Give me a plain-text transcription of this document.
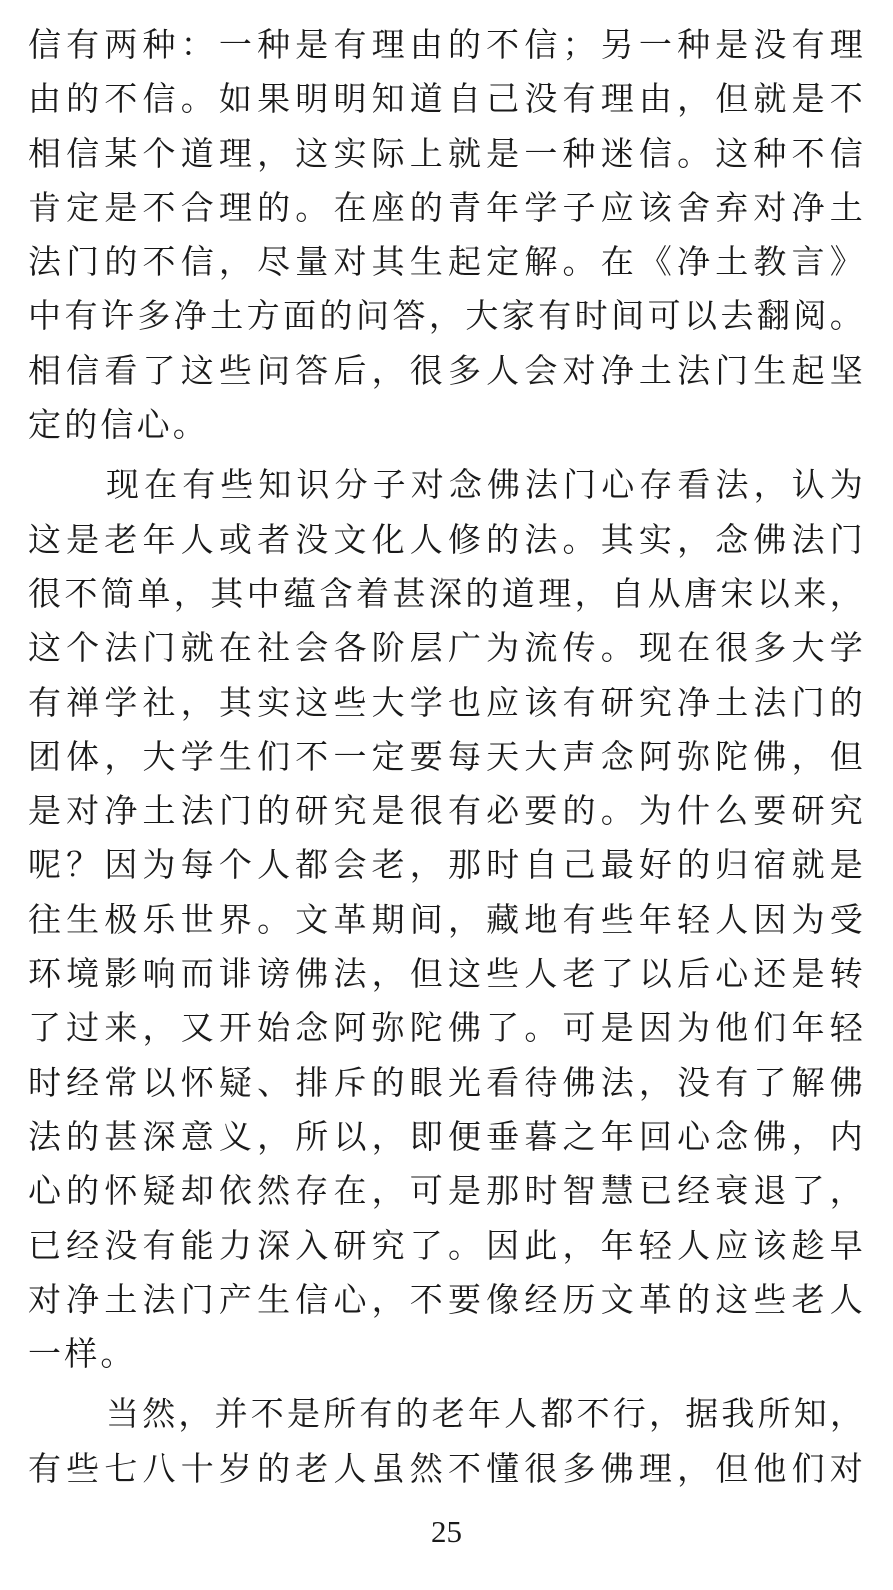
信有两种：一种是有理由的不信；另一种是没有理
由的不信。如果明明知道自己没有理由，但就是不
相信某个道理，这实际上就是一种迷信。这种不信
肯定是不合理的。在座的青年学子应该舍弃对净土
法门的不信，尽量对其生起定解。在《净土教言》
中有许多净土方面的问答，大家有时间可以去翻阅。
相信看了这些问答后，很多人会对净土法门生起坚
定的信心。
现在有些知识分子对念佛法门心存看法，认为
这是老年人或者没文化人修的法。其实，念佛法门
很不简单，其中蕴含着甚深的道理，自从唐宋以来，
这个法门就在社会各阶层广为流传。现在很多大学
有禅学社，其实这些大学也应该有研究净土法门的
团体，大学生们不一定要每天大声念阿弥陀佛，但
是对净土法门的研究是很有必要的。为什么要研究
呢？因为每个人都会老，那时自己最好的归宿就是
往生极乐世界。文革期间，藏地有些年轻人因为受
环境影响而诽谤佛法，但这些人老了以后心还是转
了过来，又开始念阿弥陀佛了。可是因为他们年轻
时经常以怀疑、排斥的眼光看待佛法，没有了解佛
法的甚深意义，所以，即便垂暮之年回心念佛，内
心的怀疑却依然存在，可是那时智慧已经衰退了，
已经没有能力深入研究了。因此，年轻人应该趁早
对净土法门产生信心，不要像经历文革的这些老人
一样。
当然，并不是所有的老年人都不行，据我所知，
有些七八十岁的老人虽然不懂很多佛理，但他们对
25
